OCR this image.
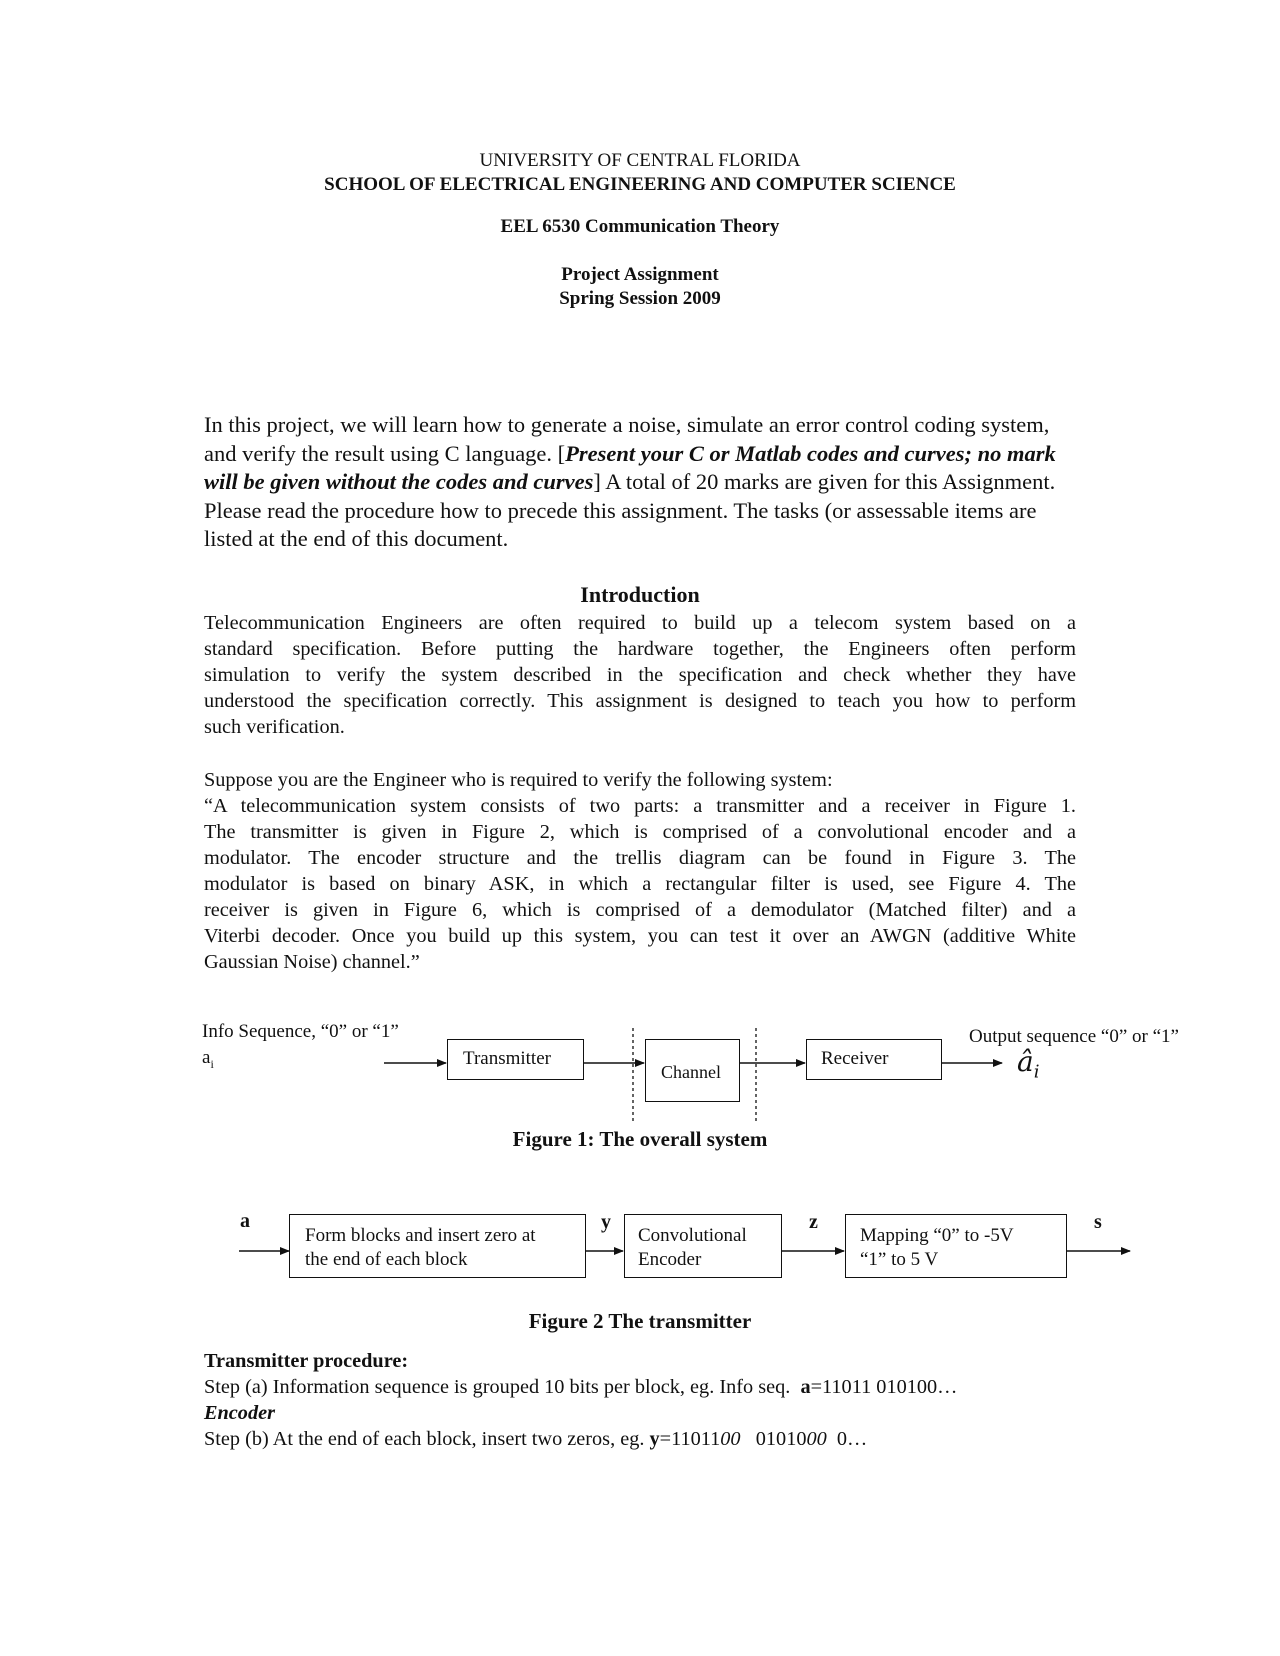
UNIVERSITY OF CENTRAL FLORIDA
SCHOOL OF ELECTRICAL ENGINEERING AND COMPUTER SCIENCE
EEL 6530 Communication Theory
Project Assignment
Spring Session 2009
In this project, we will learn how to generate a noise, simulate an error control coding system, and verify the result using C language. [Present your C or Matlab codes and curves; no mark will be given without the codes and curves] A total of 20 marks are given for this Assignment. Please read the procedure how to precede this assignment. The tasks (or assessable items are listed at the end of this document.
Introduction
Telecommunication Engineers are often required to build up a telecom system based on a
standard specification. Before putting the hardware together, the Engineers often perform
simulation to verify the system described in the specification and check whether they have
understood the specification correctly. This assignment is designed to teach you how to perform
such verification.
Suppose you are the Engineer who is required to verify the following system:
“A telecommunication system consists of two parts: a transmitter and a receiver in Figure 1.
The transmitter is given in Figure 2, which is comprised of a convolutional encoder and a
modulator. The encoder structure and the trellis diagram can be found in Figure 3. The
modulator is based on binary ASK, in which a rectangular filter is used, see Figure 4. The
receiver is given in Figure 6, which is comprised of a demodulator (Matched filter) and a
Viterbi decoder. Once you build up this system, you can test it over an AWGN (additive White
Gaussian Noise) channel.”
Info Sequence, “0” or “1”
$a_i$	Transmitter
Channel
Receiver
Output sequence “0” or “1”
$â_i$
Figure 1: The overall system
a
Form blocks and insert zero at
the end of each block
y
Convolutional
Encoder
z
Mapping “0” to -5V
“1” to 5 V
s
Figure 2 The transmitter
Transmitter procedure:
Step (a) Information sequence is grouped 10 bits per block, eg. Info seq.  a=11011 010100…
Encoder
Step (b) At the end of each block, insert two zeros, eg. y=1101100   0101000  0…
